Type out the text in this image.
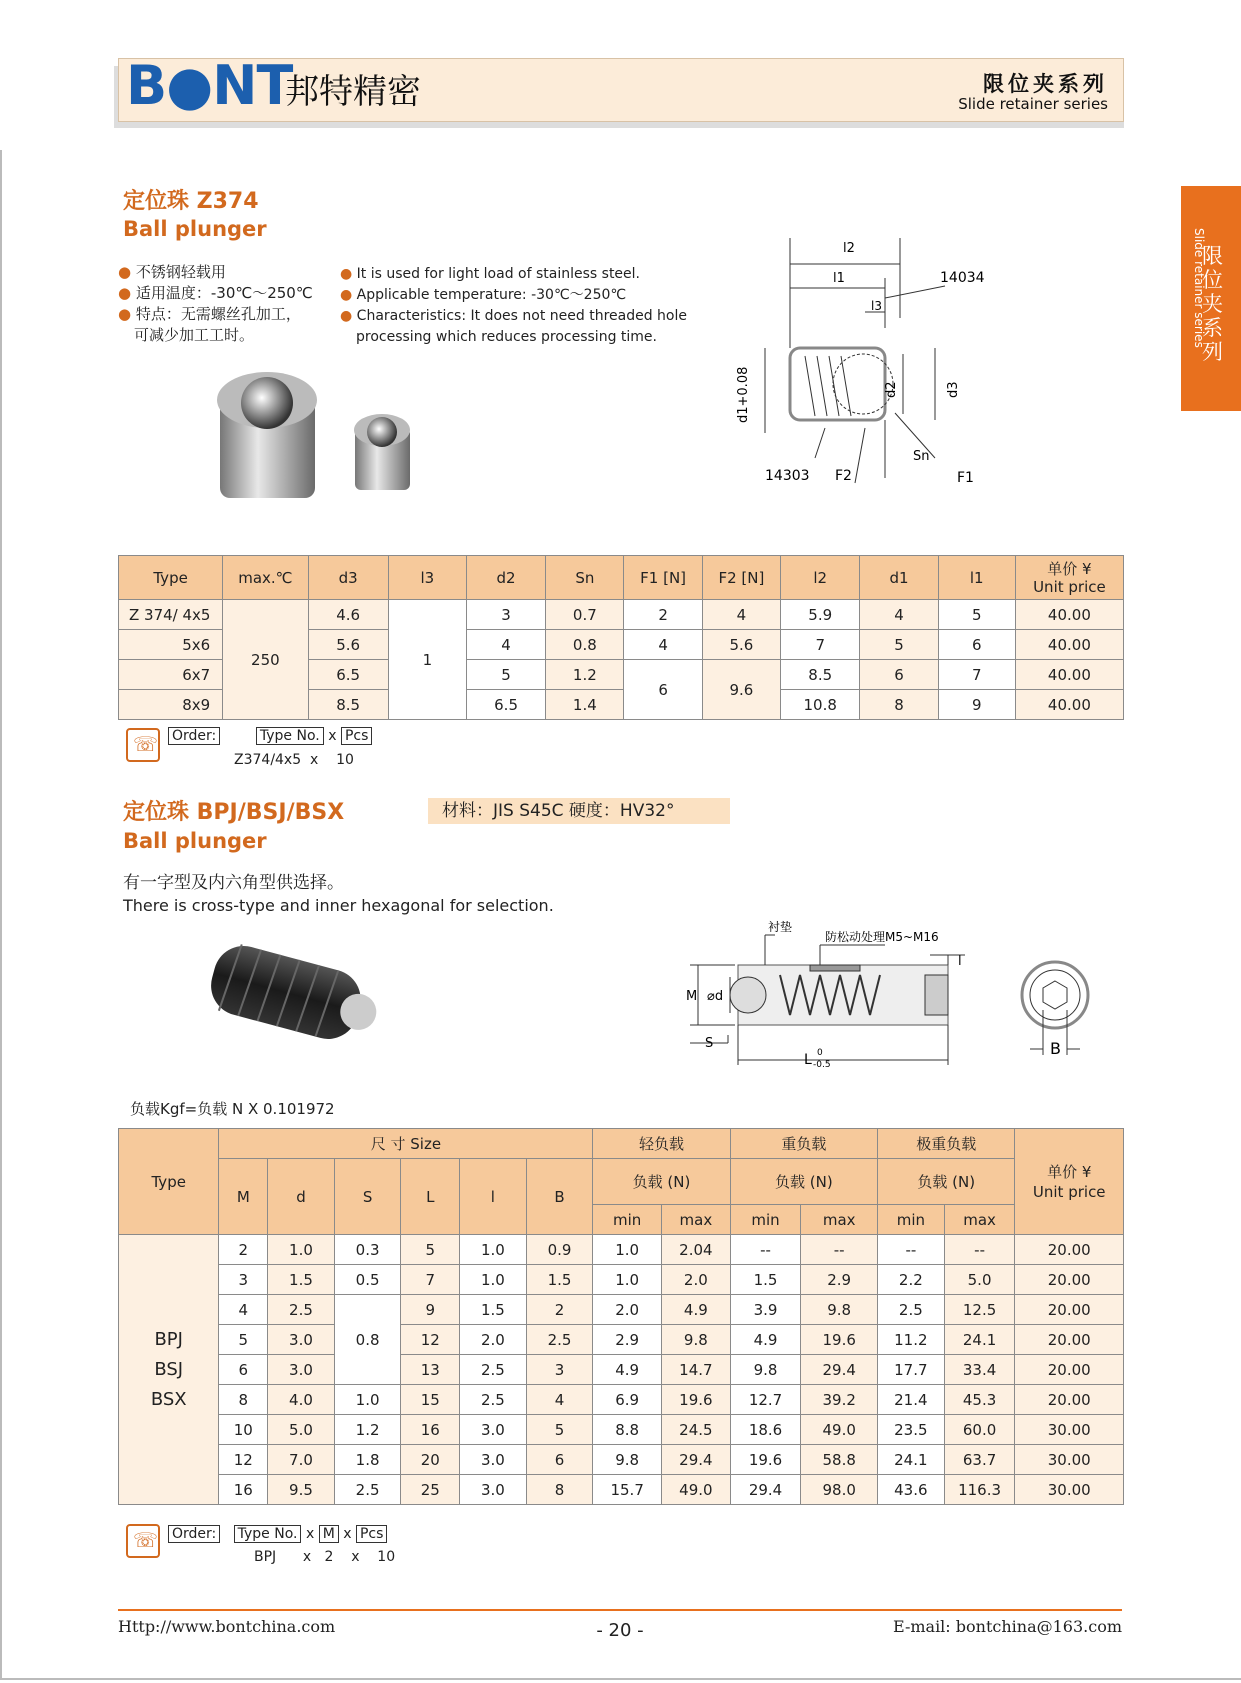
B●NT
邦特精密	限位夹系列
Slide retainer series
限位夹系列
Slide retainer series
定位珠 Z374
Ball plunger
● 不锈钢轻载用
● 适用温度：-30℃～250℃
● 特点：无需螺丝孔加工，
可减少加工工时。
● It is used for light load of stainless steel.
● Applicable temperature: -30℃～250℃
● Characteristics: It does not need threaded hole
processing which reduces processing time.
l2
l1
l3
14034
d1+0.08	d2	d3
14303 F2
Sn
F1
Type	max.℃	d3	l3	d2	Sn	F1 [N]	F2 [N]	l2	d1	l1	单价 ¥
Unit price

Z 374/ 4x5	250	4.6	1	3	0.7	2	4	5.9	4	5	40.00
5x6		5.6		4	0.8	4	5.6	7	5	6	40.00
6x7		6.5		5	1.2	6	9.6	8.5	6	7	40.00
8x9		8.5		6.5	1.4			10.8	8	9	40.00
☏
Order:	Type No. x Pcs
Z374/4x5  x    10
定位珠 BPJ/BSJ/BSX	材料：JIS S45C 硬度：HV32°
Ball plunger
有一字型及内六角型供选择。
There is cross-type and inner hexagonal for selection.
衬垫
防松动处理M5~M16
l
M ⌀d
S
L 0
-0.5
B
负载Kgf=负载 N X 0.101972
Type	尺 寸 Size						轻负载		重负载		极重负载		单价 ¥
Unit price

	M	d	S	L	l	B	负载 (N)		负载 (N)		负载 (N)		
							min	max	min	max	min	max	

BPJ
BSJ
BSX	2	1.0	0.3	5	1.0	0.9	1.0	2.04	--	--	--	--	20.00
	3	1.5	0.5	7	1.0	1.5	1.0	2.0	1.5	2.9	2.2	5.0	20.00
	4	2.5	0.8	9	1.5	2	2.0	4.9	3.9	9.8	2.5	12.5	20.00
	5	3.0		12	2.0	2.5	2.9	9.8	4.9	19.6	11.2	24.1	20.00
	6	3.0		13	2.5	3	4.9	14.7	9.8	29.4	17.7	33.4	20.00
	8	4.0	1.0	15	2.5	4	6.9	19.6	12.7	39.2	21.4	45.3	20.00
	10	5.0	1.2	16	3.0	5	8.8	24.5	18.6	49.0	23.5	60.0	30.00
	12	7.0	1.8	20	3.0	6	9.8	29.4	19.6	58.8	24.1	63.7	30.00
	16	9.5	2.5	25	3.0	8	15.7	49.0	29.4	98.0	43.6	116.3	30.00
☏
Order: Type No. x M x Pcs
BPJ      x   2    x    10
Http://www.bontchina.com	- 20 -	E-mail: bontchina@163.com
